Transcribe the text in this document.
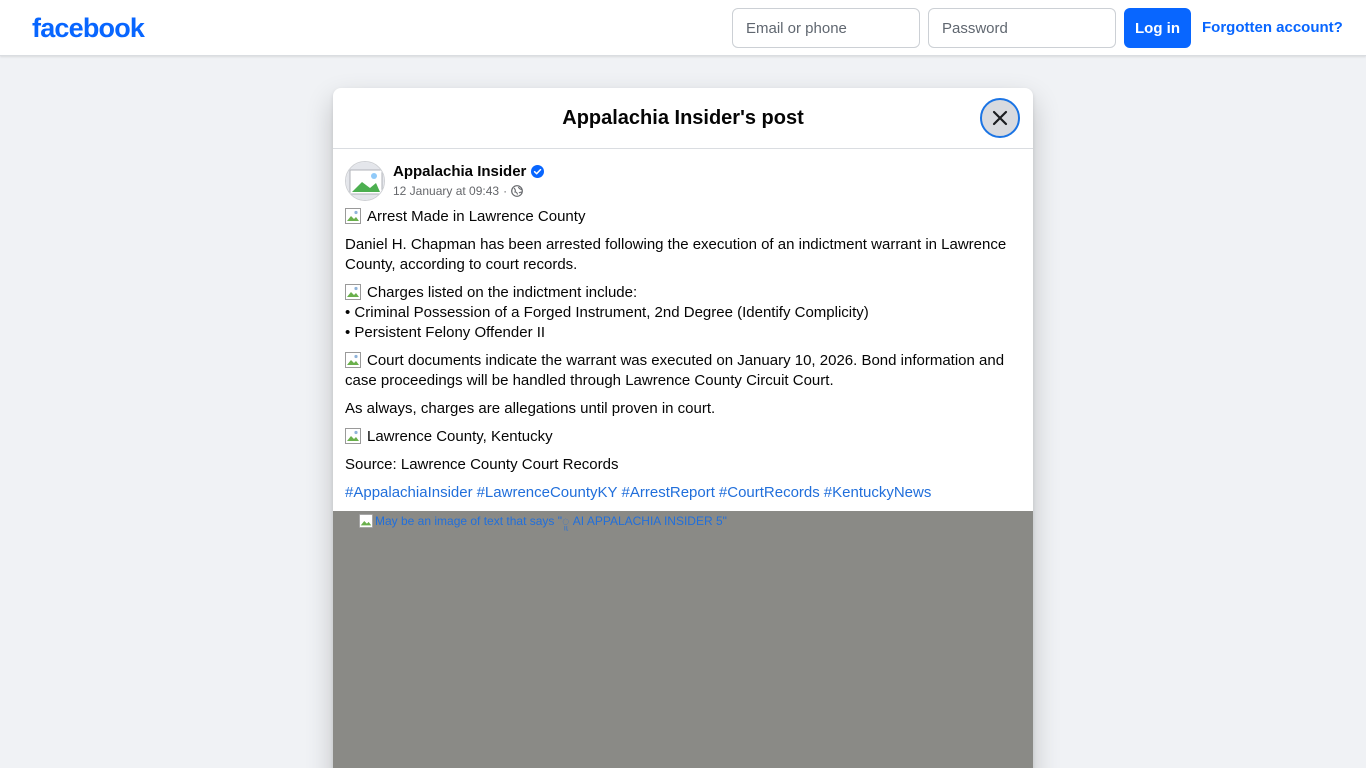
facebook
Email or phone	Log in	Forgotten account?
Appalachia Insider's post
Appalachia Insider
12 January at 09:43 ·
Arrest Made in Lawrence County
Daniel H. Chapman has been arrested following the execution of an indictment warrant in Lawrence County, according to court records.
Charges listed on the indictment include:
• Criminal Possession of a Forged Instrument, 2nd Degree (Identify Complicity)
• Persistent Felony Offender II
Court documents indicate the warrant was executed on January 10, 2026. Bond information and case proceedings will be handled through Lawrence County Circuit Court.
As always, charges are allegations until proven in court.
Lawrence County, Kentucky
Source: Lawrence County Court Records
#AppalachiaInsider #LawrenceCountyKY #ArrestReport #CourtRecords #KentuckyNews
May be an image of text that says "ူ AI APPALACHIA INSIDER 5"
